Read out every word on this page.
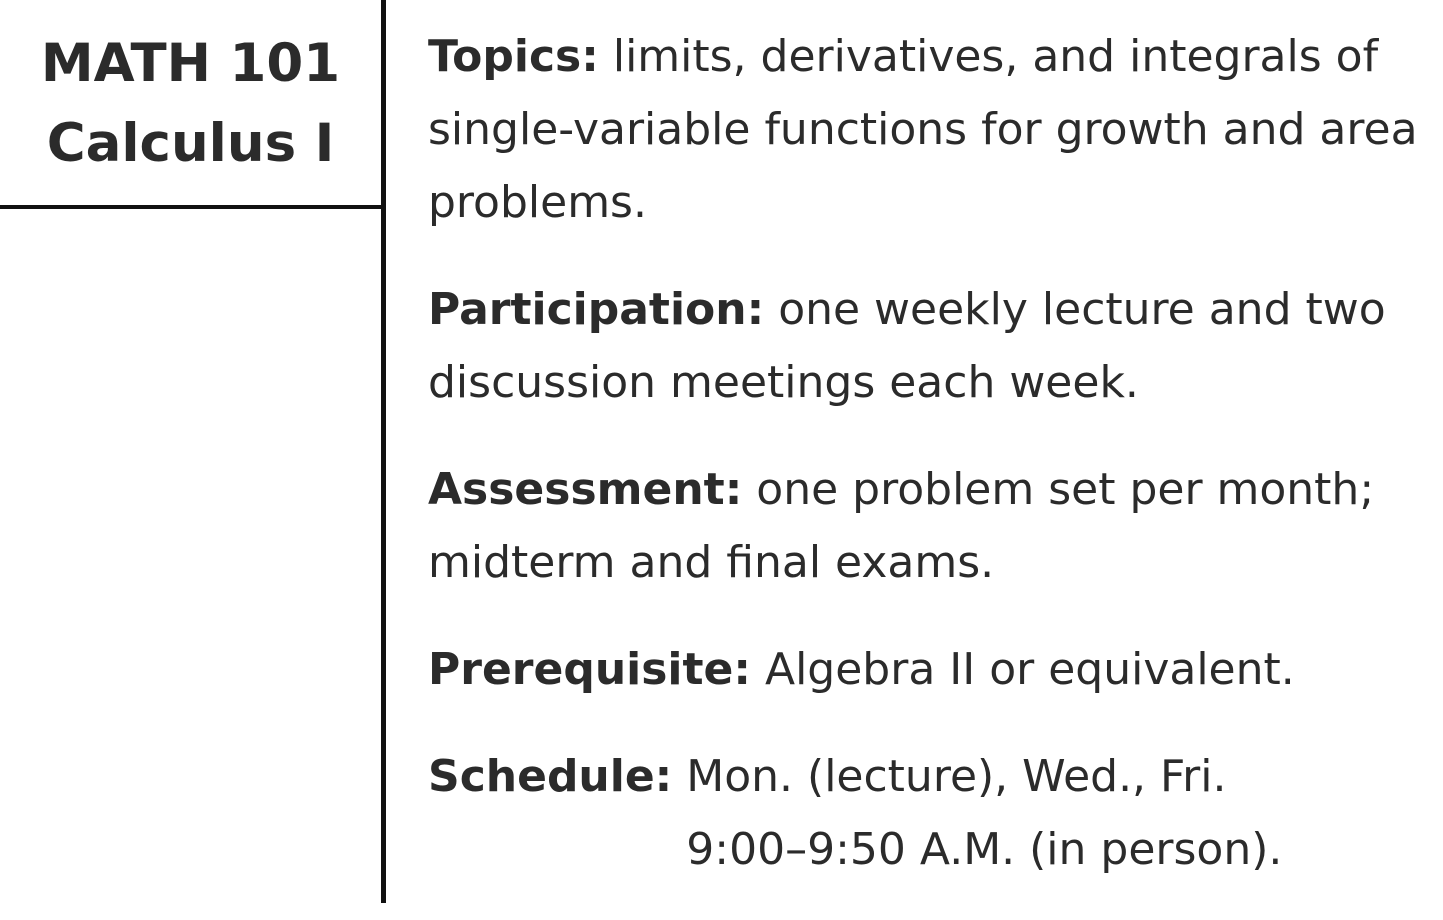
MATH 101
Calculus I

Topics: limits, derivatives, and integrals of single-variable functions for growth and area problems.

Participation: one weekly lecture and two discussion meetings each week.

Assessment: one problem set per month; midterm and final exams.

Prerequisite: Algebra II or equivalent.

Schedule: Mon. (lecture), Wed., Fri.
9:00–9:50 A.M. (in person).
